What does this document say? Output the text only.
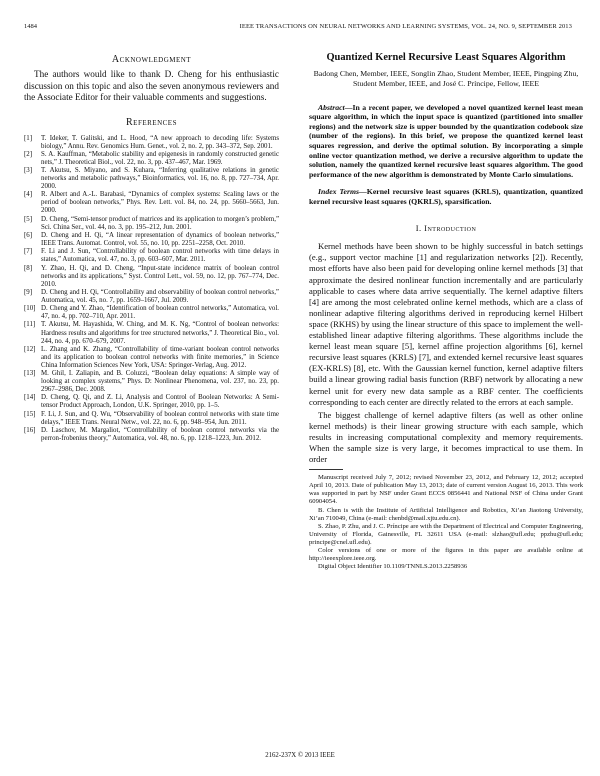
1484	IEEE TRANSACTIONS ON NEURAL NETWORKS AND LEARNING SYSTEMS, VOL. 24, NO. 9, SEPTEMBER 2013
Acknowledgment

The authors would like to thank D. Cheng for his enthusiastic discussion on this topic and also the seven anonymous reviewers and the Associate Editor for their valuable comments and suggestions.

References
[1]	T. Ideker, T. Galitski, and L. Hood, “A new approach to decoding life: Systems biology,” Annu. Rev. Genomics Hum. Genet., vol. 2, no. 2, pp. 343–372, Sep. 2001.
[2]	S. A. Kauffman, “Metabolic stability and epigenesis in randomly constructed genetic nets,” J. Theoretical Biol., vol. 22, no. 3, pp. 437–467, Mar. 1969.
[3]	T. Akutsu, S. Miyano, and S. Kuhara, “Inferring qualitative relations in genetic networks and metabolic pathways,” Bioinformatics, vol. 16, no. 8, pp. 727–734, Apr. 2000.
[4]	R. Albert and A.-L. Barabasi, “Dynamics of complex systems: Scaling laws or the period of boolean networks,” Phys. Rev. Lett. vol. 84, no. 24, pp. 5660–5663, Jun. 2000.
[5]	D. Cheng, “Semi-tensor product of matrices and its application to morgen’s problem,” Sci. China Ser., vol. 44, no. 3, pp. 195–212, Jun. 2001.
[6]	D. Cheng and H. Qi, “A linear representation of dynamics of boolean networks,” IEEE Trans. Automat. Control, vol. 55, no. 10, pp. 2251–2258, Oct. 2010.
[7]	F. Li and J. Sun, “Controllability of boolean control networks with time delays in states,” Automatica, vol. 47, no. 3, pp. 603–607, Mar. 2011.
[8]	Y. Zhao, H. Qi, and D. Cheng, “Input-state incidence matrix of boolean control networks and its applications,” Syst. Control Lett., vol. 59, no. 12, pp. 767–774, Dec. 2010.
[9]	D. Cheng and H. Qi, “Controllability and observability of boolean control networks,” Automatica, vol. 45, no. 7, pp. 1659–1667, Jul. 2009.
[10] D. Cheng and Y. Zhao, “Identification of boolean control networks,” Automatica, vol. 47, no. 4, pp. 702–710, Apr. 2011.
[11] T. Akutsu, M. Hayashida, W. Ching, and M. K. Ng, “Control of boolean networks: Hardness results and algorithms for tree structured networks,” J. Theoretical Bio., vol. 244, no. 4, pp. 670–679, 2007.
[12] L. Zhang and K. Zhang, “Controllability of time-variant boolean control networks and its application to boolean control networks with finite memories,” in Science China Information Sciences New York, USA: Springer-Verlag, Aug. 2012.
[13] M. Ghil, I. Zaliapin, and B. Coluzzi, “Boolean delay equations: A simple way of looking at complex systems,” Phys. D: Nonlinear Phenomena, vol. 237, no. 23, pp. 2967–2986, Dec. 2008.
[14] D. Cheng, Q. Qi, and Z. Li, Analysis and Control of Boolean Networks: A Semi-tensor Product Approach, London, U.K. Springer, 2010, pp. 1–5.
[15] F. Li, J. Sun, and Q. Wu, “Observability of boolean control networks with state time delays,” IEEE Trans. Neural Netw., vol. 22, no. 6, pp. 948–954, Jun. 2011.
[16] D. Laschov, M. Margaliot, “Controllability of boolean control networks via the perron-frobenius theory,” Automatica, vol. 48, no. 6, pp. 1218–1223, Jun. 2012.
Quantized Kernel Recursive Least Squares Algorithm
Badong Chen, Member, IEEE, Songlin Zhao, Student Member, IEEE, Pingping Zhu, Student Member, IEEE, and José C. Príncipe, Fellow, IEEE

Abstract—In a recent paper, we developed a novel quantized kernel least mean square algorithm, in which the input space is quantized (partitioned into smaller regions) and the network size is upper bounded by the quantization codebook size (number of the regions). In this brief, we propose the quantized kernel least squares regression, and derive the optimal solution. By incorporating a simple online vector quantization method, we derive a recursive algorithm to update the solution, namely the quantized kernel recursive least squares algorithm. The good performance of the new algorithm is demonstrated by Monte Carlo simulations.

Index Terms—Kernel recursive least squares (KRLS), quantization, quantized kernel recursive least squares (QKRLS), sparsification.

I. Introduction

Kernel methods have been shown to be highly successful in batch settings (e.g., support vector machine [1] and regularization networks [2]). Recently, most efforts have also been paid for developing online kernel methods [3] that approximate the desired nonlinear function incrementally and are particularly applicable to cases where data arrive sequentially. The kernel adaptive filters [4] are among the most celebrated online kernel methods, which are a class of nonlinear adaptive filtering algorithms derived in reproducing kernel Hilbert space (RKHS) by using the linear structure of this space to implement the well-established linear adaptive filtering algorithms. These algorithms include the kernel least mean square [5], kernel affine projection algorithms [6], kernel recursive least squares (KRLS) [7], and extended kernel recursive least squares (EX-KRLS) [8], etc. With the Gaussian kernel function, kernel adaptive filters build a linear growing radial basis function (RBF) network by allocating a new kernel unit for every new data sample as a RBF center. The coefficients corresponding to each center are directly related to the errors at each sample.

The biggest challenge of kernel adaptive filters (as well as other online kernel methods) is their linear growing structure with each sample, which results in increasing computational complexity and memory requirements. When the sample size is very large, it becomes impractical to use them. In order

Manuscript received July 7, 2012; revised November 23, 2012, and February 12, 2012; accepted April 10, 2013. Date of publication May 13, 2013; date of current version August 16, 2013. This work was supported in part by NSF under Grant ECCS 0856441 and National NSF of China under Grant 60904054.

B. Chen is with the Institute of Artificial Intelligence and Robotics, Xi’an Jiaotong University, Xi’an 710049, China (e-mail: chenbd@mail.xjtu.edu.cn).

S. Zhao, P. Zhu, and J. C. Príncipe are with the Department of Electrical and Computer Engineering, University of Florida, Gainesville, FL 32611 USA (e-mail: slzhao@ufl.edu; ppzhu@ufl.edu; principe@cnel.ufl.edu).

Color versions of one or more of the figures in this paper are available online at http://ieeexplore.ieee.org.

Digital Object Identifier 10.1109/TNNLS.2013.2258936

2162-237X © 2013 IEEE
